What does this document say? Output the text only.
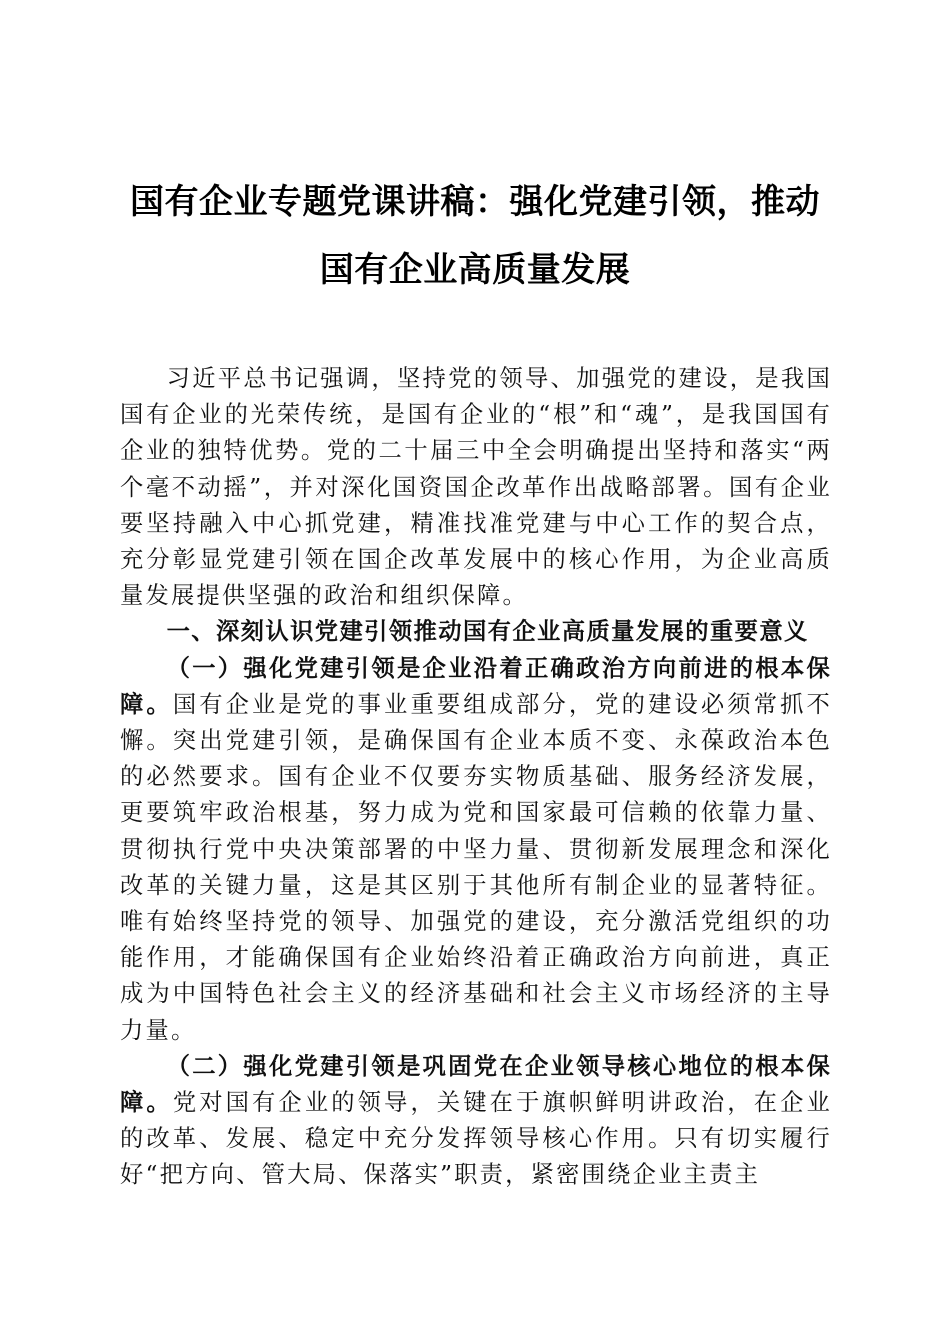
国有企业专题党课讲稿：强化党建引领，推动
国有企业高质量发展

习近平总书记强调，坚持党的领导、加强党的建设，是我国国有企业的光荣传统，是国有企业的“根”和“魂”，是我国国有企业的独特优势。党的二十届三中全会明确提出坚持和落实“两个毫不动摇”，并对深化国资国企改革作出战略部署。国有企业要坚持融入中心抓党建，精准找准党建与中心工作的契合点，充分彰显党建引领在国企改革发展中的核心作用，为企业高质量发展提供坚强的政治和组织保障。

一、深刻认识党建引领推动国有企业高质量发展的重要意义

（一）强化党建引领是企业沿着正确政治方向前进的根本保障。国有企业是党的事业重要组成部分，党的建设必须常抓不懈。突出党建引领，是确保国有企业本质不变、永葆政治本色的必然要求。国有企业不仅要夯实物质基础、服务经济发展，更要筑牢政治根基，努力成为党和国家最可信赖的依靠力量、贯彻执行党中央决策部署的中坚力量、贯彻新发展理念和深化改革的关键力量，这是其区别于其他所有制企业的显著特征。唯有始终坚持党的领导、加强党的建设，充分激活党组织的功能作用，才能确保国有企业始终沿着正确政治方向前进，真正成为中国特色社会主义的经济基础和社会主义市场经济的主导力量。

（二）强化党建引领是巩固党在企业领导核心地位的根本保障。党对国有企业的领导，关键在于旗帜鲜明讲政治，在企业的改革、发展、稳定中充分发挥领导核心作用。只有切实履行好“把方向、管大局、保落实”职责，紧密围绕企业主责主
